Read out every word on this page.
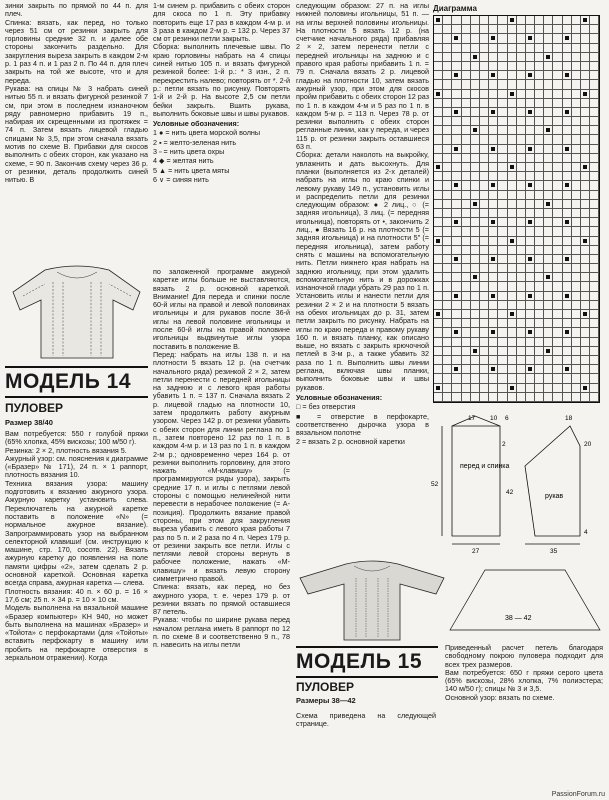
зинки закрыть по прямой по 44 п. для плеч.
Спинка: вязать, как перед, но только через 51 см от резинки закрыть для горловины средние 32 п. и далее обе стороны закончить раздельно. Для закругления выреза закрыть в каждом 2-м р. 1 раз 4 п. и 1 раз 2 п. По 44 п. для плеч закрыть на той же высоте, что и для переда.
Рукава: на спицы № 3 набрать синей нитью 55 п. и вязать фигурной резинкой 7 см, при этом в последнем изнаночном ряду равномерно прибавить 19 п., набирая их скрещенными из протяжек = 74 п. Затем вязать лицевой гладью спицами № 3,5, при этом сначала вязать мотив по схеме В. Прибавки для скосов выполнить с обеих сторон, как указано на схеме, = 90 п. Закончив схему через 36 р. от резинки, деталь продолжить синей нитью. В

1-м синем р. прибавить с обеих сторон для скоса по 1 п. Эту прибавку повторить еще 17 раз в каждом 4-м р. и 3 раза в каждом 2-м р. = 132 р. Через 37 см от резинки петли закрыть.
Сборка: выполнить плечевые швы. По краю горловины набрать на 4 спицы синей нитью 105 п. и вязать фигурной резинкой более: 1-й р.: * 3 изн., 2 п. перекрестить налево; повторять от *. 2-й р.: петли вязать по рисунку. Повторять 1-й и 2-й р. На высоте 2,5 см петли бейки закрыть. Вшить рукава, выполнить боковые швы и швы рукавов.

Условные обозначения:

1 ● = нить цвета морской волны

2 ▪ = желто-зеленая нить

3 ▫ = нить цвета охры

4 ◆ = желтая нить

5 ▲ = нить цвета мяты

6 ∨ = синяя нить

следующим образом: 27 п. на иглы нижней половины игольницы, 51 п. — на иглы верхней половины игольницы. На плотности 5 вязать 12 р. (на счетчике начального ряда) прибавляя 2 × 2, затем перенести петли с передней игольницы на заднюю и с правого края работы прибавить 1 п. = 79 п. Сначала вязать 2 р. лицевой гладью на плотности 10, затем вязать ажурный узор, при этом для скосов пройм прибавить с обеих сторон 12 раз по 1 п. в каждом 4-м и 5 раз по 1 п. в каждом 5-м р. = 113 п. Через 78 р. от резинки выполнить с обеих сторон регланные линии, как у переда, и через 115 р. от резинки закрыть оставшиеся 63 п.
Сборка: детали наколоть на выкройку, увлажнить и дать высохнуть. Для планки (выполняется из 2-х деталей) набрать на иглы по краю спинки и левому рукаву 149 п., установить иглы и распределить петли для резинки следующим образом: ● 2 лиц., ○ (= задняя игольница), 3 лиц. (= передняя игольница), повторять от •, закончить 2 лиц., ● Вязать 16 р. на плотности 5 (= задняя игольница) и на плотности 5″ (= передняя игольница), затем работу снять с машины на вспомогательную нить. Петли нижнего края набрать на заднюю игольницу, при этом удалить вспомогательную нить и в дорожках изнаночной глади убрать 29 раз по 1 п. Установить иглы и нанести петли для резинки 2 × 2 и на плотности 5 вязать на обеих игольницах до р. 31, затем петли закрыть по рисунку. Набрать на иглы по краю переда и правому рукаву 160 п. и вязать планку, как описано выше, но вязать с закрыть крючочной петлей в 3-м р., а также убавить 32 раза по 1 п. Выполнить швы линии реглана, включая швы планки, выполнить боковые швы и швы рукавов.

Условные обозначения:

□ = без отверстия

■ = отверстие в перфокарте, соответственно дырочка узора в вязальном полотне

2 = вязать 2 р. основной каретки

Диаграмма
перед и спинка
рукав
17 10 6
52
2
42
18
20
27	35
4
МОДЕЛЬ 14
ПУЛОВЕР
Размер 38/40

Вам потребуется: 550 г голубой пряжи (65% хлопка, 45% вискозы; 100 м/50 г).
Резинка: 2 × 2, плотность вязания 5.
Ажурный узор: см. пояснения к диаграмме («Бразер» № 171), 24 п. × 1 раппорт, плотность вязания 10.
Техника вязания узора: машину подготовить к вязанию ажурного узора. Ажурную каретку установить слева. Переключатель на ажурной каретке поставить в положение «N» (= нормальное ажурное вязание). Запрограммировать узор на выбранном селекторной клавиши! (см. инструкцию к машине, стр. 170, сосотв. 22). Вязать ажурную каретку до появления на поле памяти цифры «2», затем сделать 2 р. основной кареткой. Основная каретка всегда справа, ажурная каретка — слева.
Плотность вязания: 40 п. × 60 р. = 16 × 17,6 см; 25 п. × 34 р. = 10 × 10 см.
Модель выполнена на вязальной машине «Бразер компьютер» KH 940, но может быть выполнена на машинах «Бразер» и «Тойота» с перфокартами (для «Тойоты» вставить перфокарту в машину или пробить на перфокарте отверстия в зеркальном отражении). Когда

по заложенной программе ажурной каретке иглы больше не выставляются, вязать 2 р. основной кареткой. Внимание! Для переда и спинки после 60-й иглы на правой и левой половинах игольницы и для рукавов после 36-й иглы на левой половине игольницы и после 60-й иглы на правой половине игольницы выдвинутые иглы узора поставить в положение В.
Перед: набрать на иглы 138 п. и на плотности 5 вязать 12 р. (на счетчик начального ряда) резинкой 2 × 2, затем петли перенести с передней игольницы на заднюю и с левого края работы убавить 1 п. = 137 п. Сначала вязать 2 р. лицевой гладью на плотности 10, затем продолжить работу ажурным узором. Через 142 р. от резинки убавить с обеих сторон для линии реглана по 1 п., затем повторено 12 раз по 1 п. в каждом 4-м р. и 13 раз по 1 п. в каждом 2-м р.; одновременно через 164 р. от резинки выполнить горловину, для этого нажать «M-клавишу» (= программируются ряды узора), закрыть средние 17 п. и иглы с петлями левой стороны с помощью нелинейной нити перевести в нерабочее положение (= А-позиция). Продолжить вязание правой стороны, при этом для закругления выреза убавить с левого края работы 7 раз по 5 п. и 2 раза по 4 п. Через 179 р. от резинки закрыть все петли. Иглы с петлями левой стороны вернуть в рабочее положение, нажать «M-клавишу» и вязать левую сторону симметрично правой.
Спинка: вязать, как перед, но без ажурного узора, т. е. через 179 р. от резинки вязать по прямой оставшиеся 87 петель.
Рукава: чтобы по ширине рукава перед началом реглана иметь 8 раппорт по 12 п. по схеме 8 и соответственно 9 п., 78 п. навесить на иглы петли

МОДЕЛЬ 15
ПУЛОВЕР
Размеры 38—42

Схема приведена на следующей странице.

38 — 42

Приведенный расчет петель благодаря свободному покрою пуловера подходит для всех трех размеров.
Вам потребуется: 650 г пряжи серого цвета (65% вискозы, 28% хлопка, 7% полиэстера; 140 м/50 г); спицы № 3 и 3,5.
Основной узор: вязать по схеме.

PassionForum.ru
